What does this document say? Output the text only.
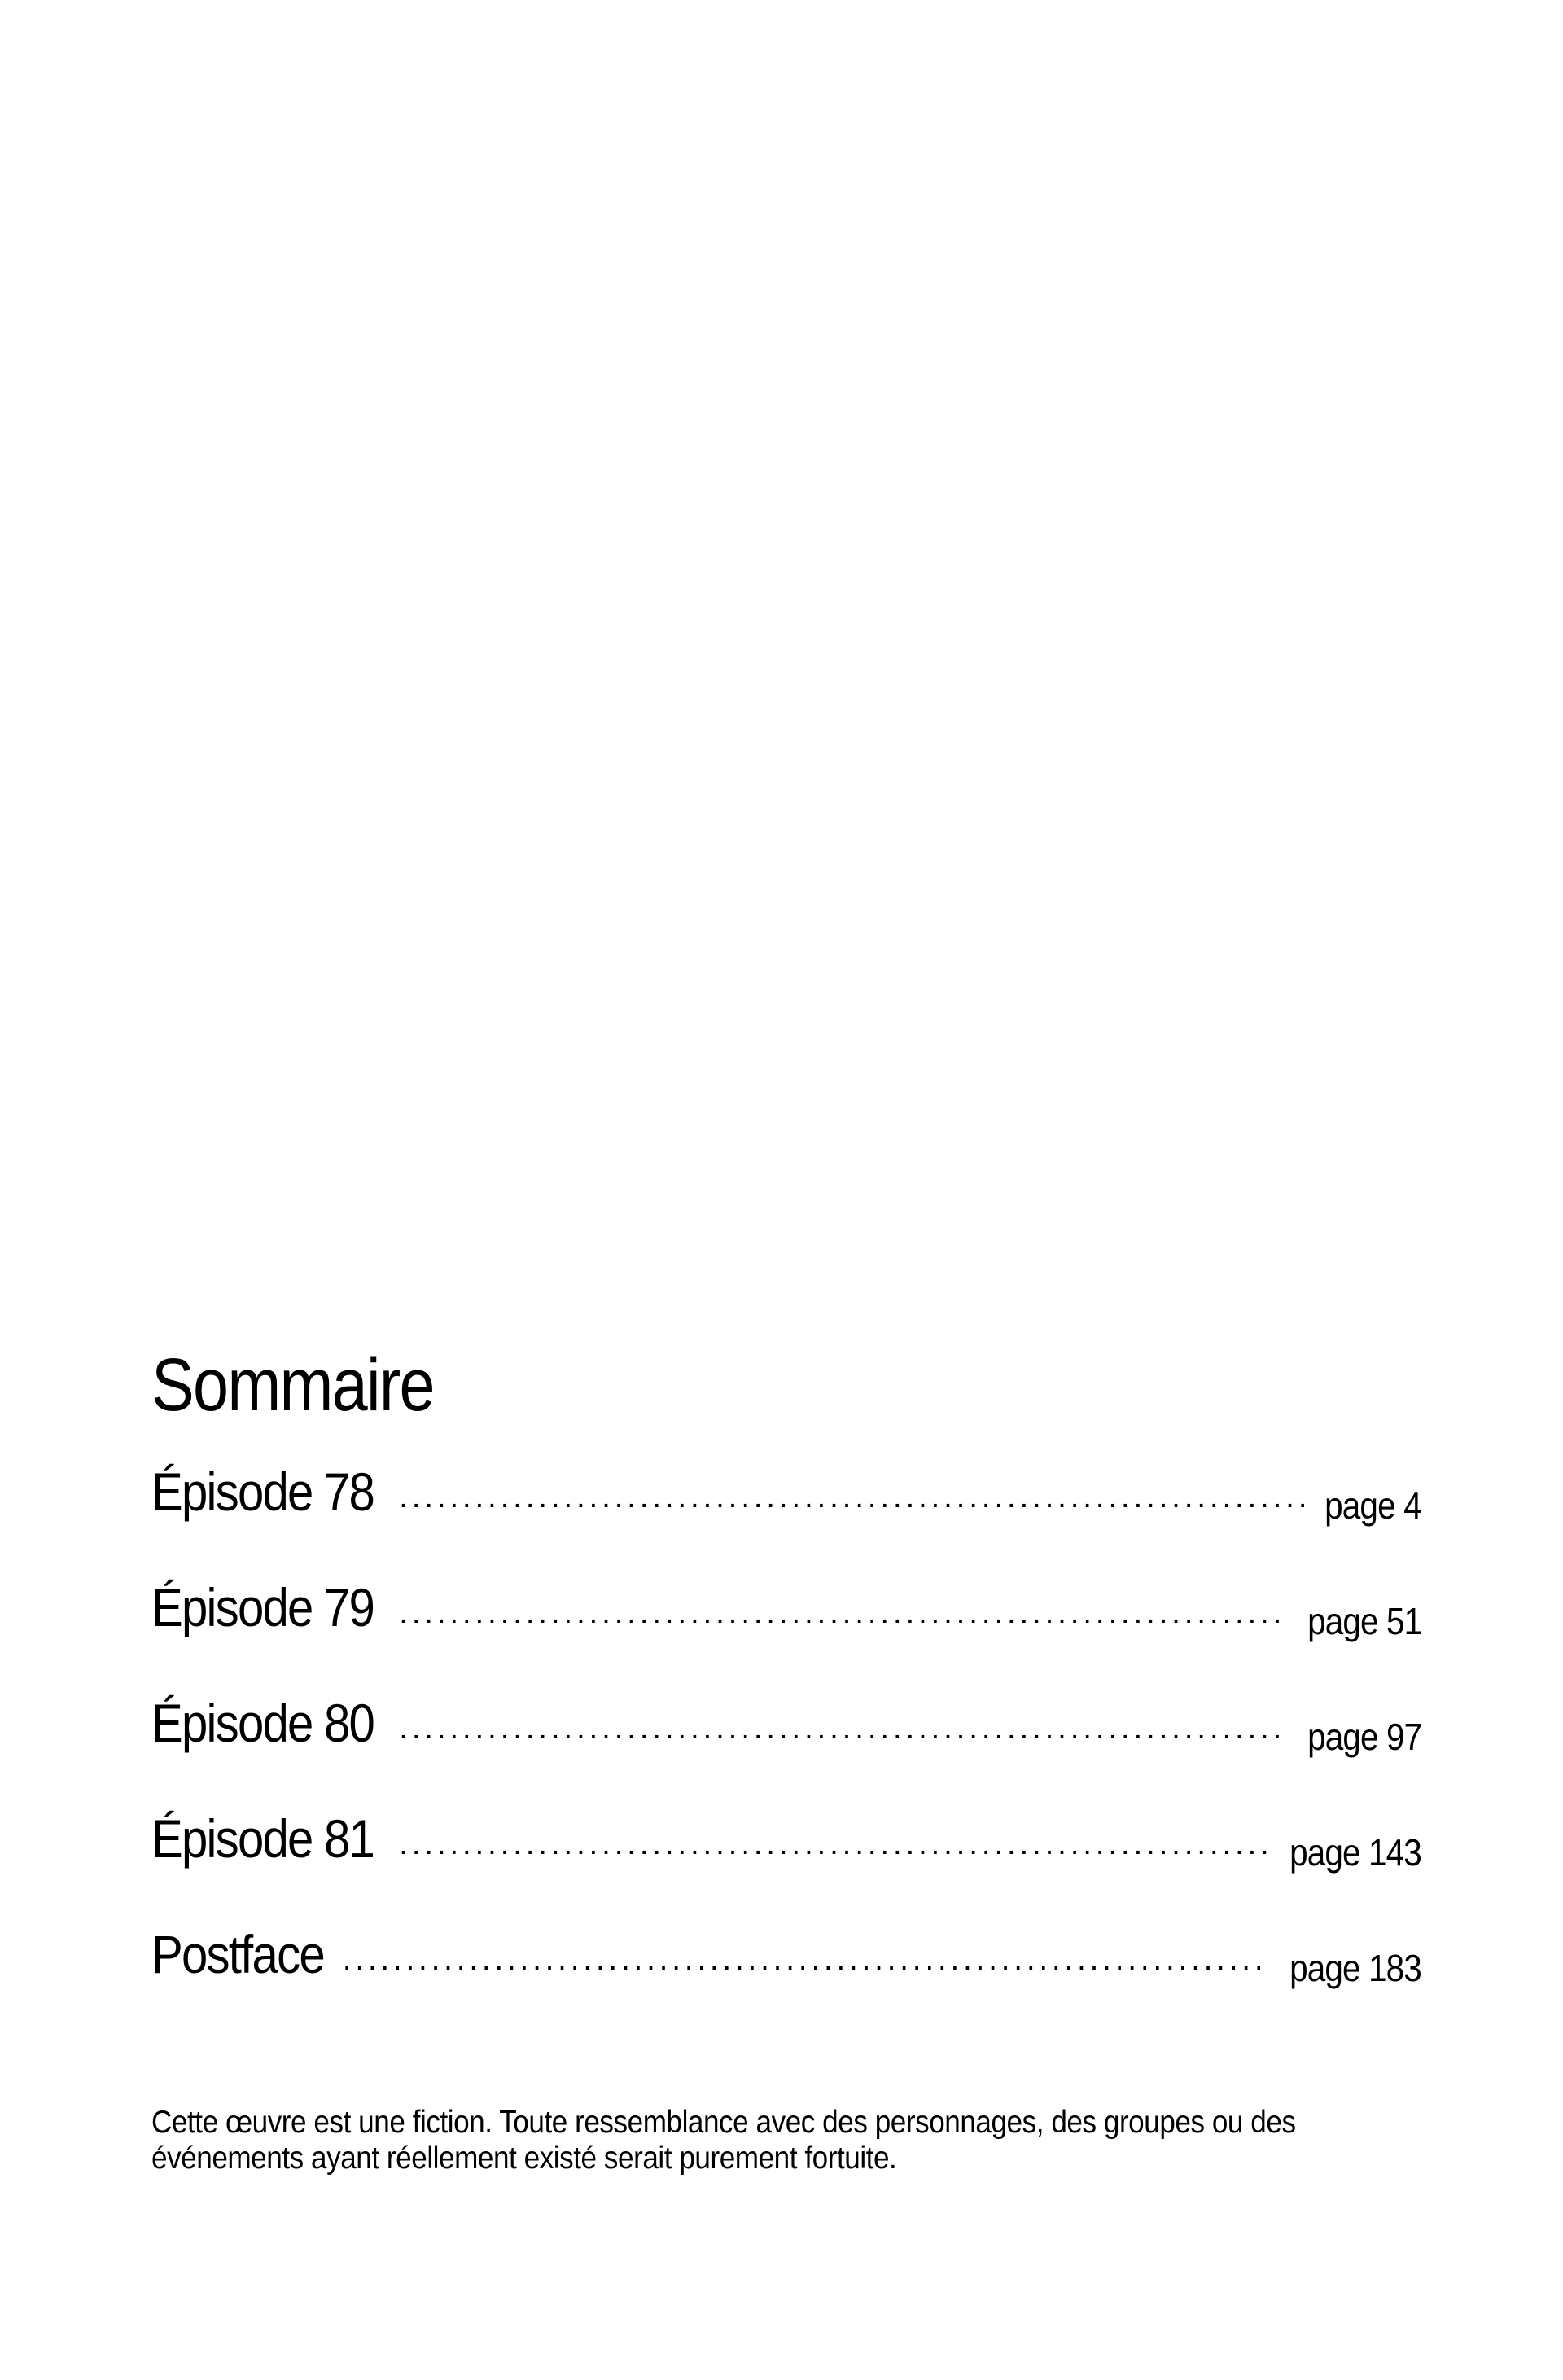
Sommaire
Épisode 78 .....	page 4
Épisode 79 .....	page 51
Épisode 80 .....	page 97
Épisode 81 .....	page 143
Postface .....	page 183

Cette œuvre est une fiction. Toute ressemblance avec des personnages, des groupes ou des
événements ayant réellement existé serait purement fortuite.
